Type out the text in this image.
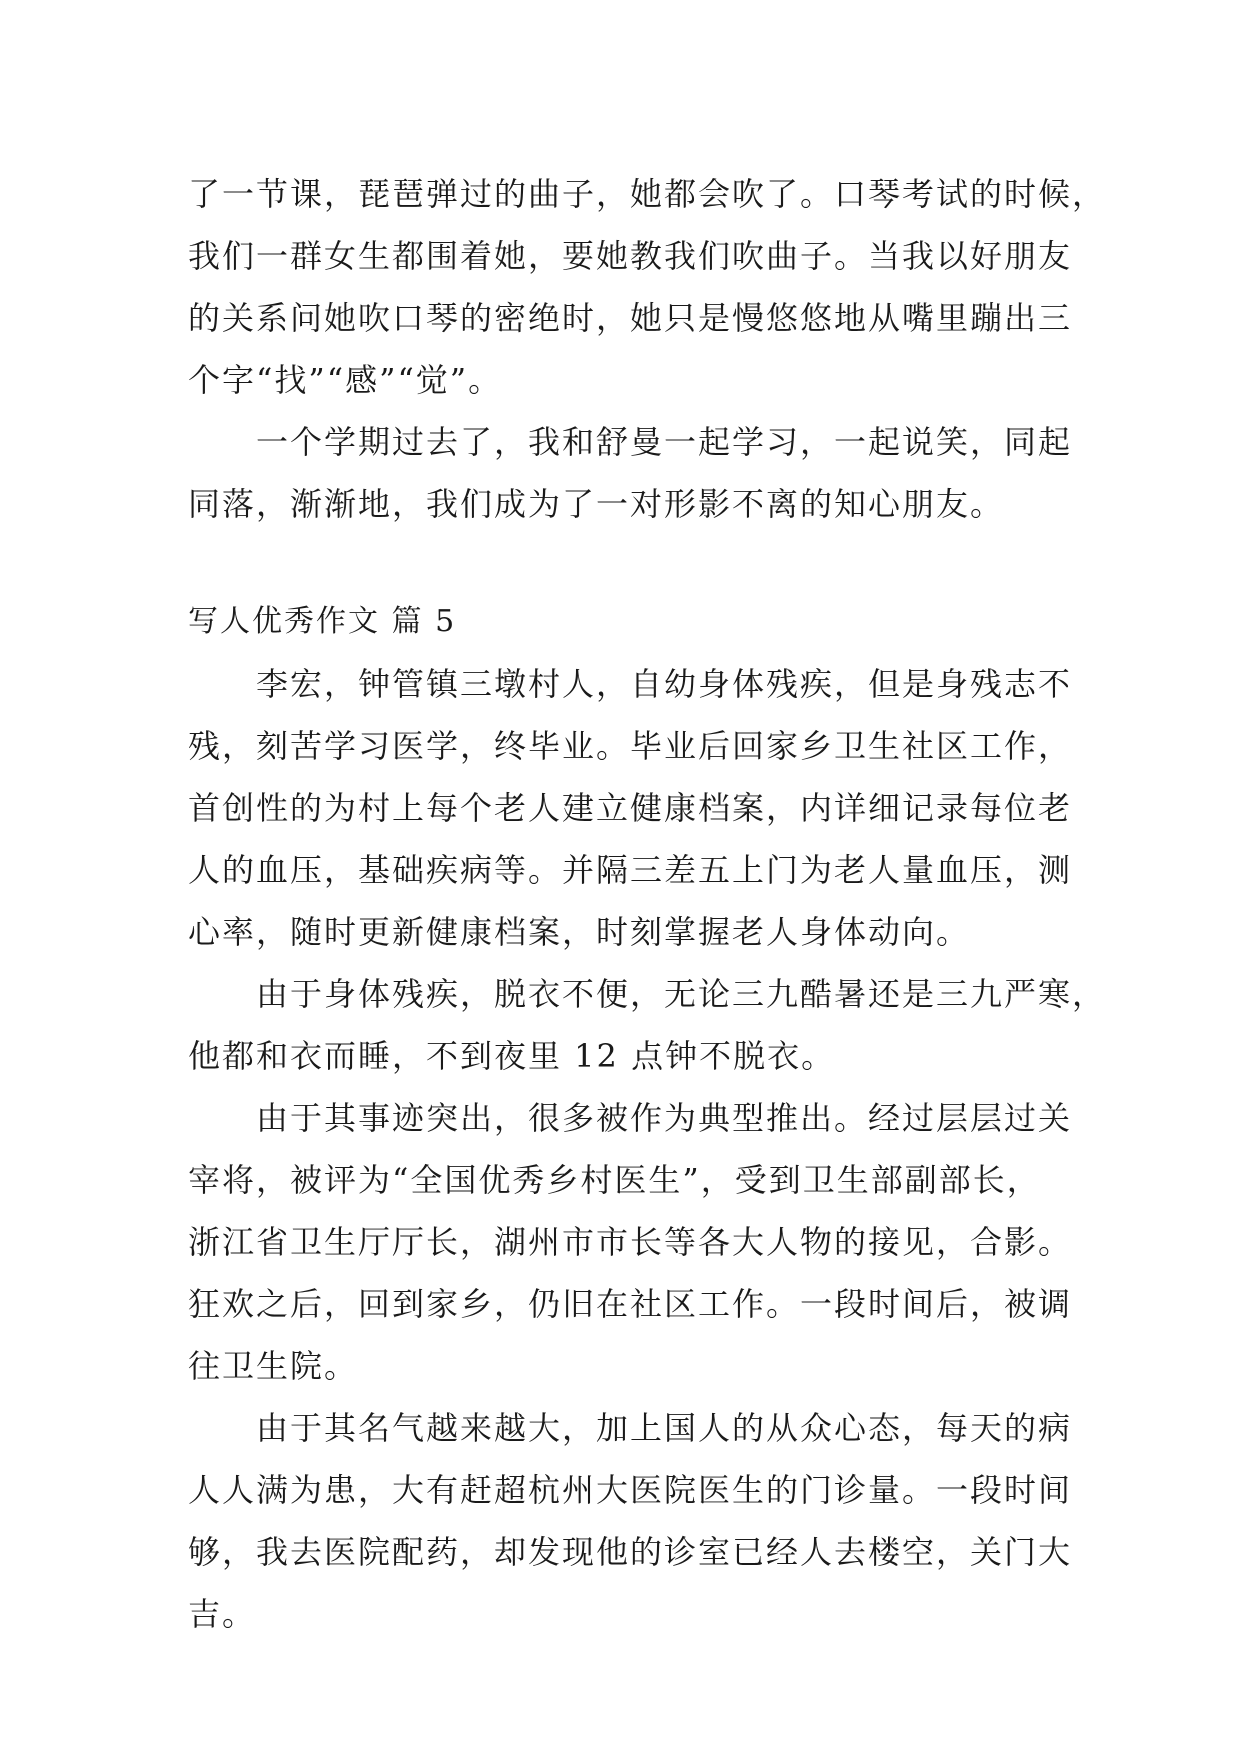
了一节课，琵琶弹过的曲子，她都会吹了。口琴考试的时候，
我们一群女生都围着她，要她教我们吹曲子。当我以好朋友
的关系问她吹口琴的密绝时，她只是慢悠悠地从嘴里蹦出三
个字“找”“感”“觉”。
一个学期过去了，我和舒曼一起学习，一起说笑，同起
同落，渐渐地，我们成为了一对形影不离的知心朋友。
写人优秀作文 篇 5
李宏，钟管镇三墩村人，自幼身体残疾，但是身残志不
残，刻苦学习医学，终毕业。毕业后回家乡卫生社区工作，
首创性的为村上每个老人建立健康档案，内详细记录每位老
人的血压，基础疾病等。并隔三差五上门为老人量血压，测
心率，随时更新健康档案，时刻掌握老人身体动向。
由于身体残疾，脱衣不便，无论三九酷暑还是三九严寒，
他都和衣而睡，不到夜里 12 点钟不脱衣。
由于其事迹突出，很多被作为典型推出。经过层层过关
宰将，被评为“全国优秀乡村医生”，受到卫生部副部长，
浙江省卫生厅厅长，湖州市市长等各大人物的接见，合影。
狂欢之后，回到家乡，仍旧在社区工作。一段时间后，被调
往卫生院。
由于其名气越来越大，加上国人的从众心态，每天的病
人人满为患，大有赶超杭州大医院医生的门诊量。一段时间
够，我去医院配药，却发现他的诊室已经人去楼空，关门大
吉。
